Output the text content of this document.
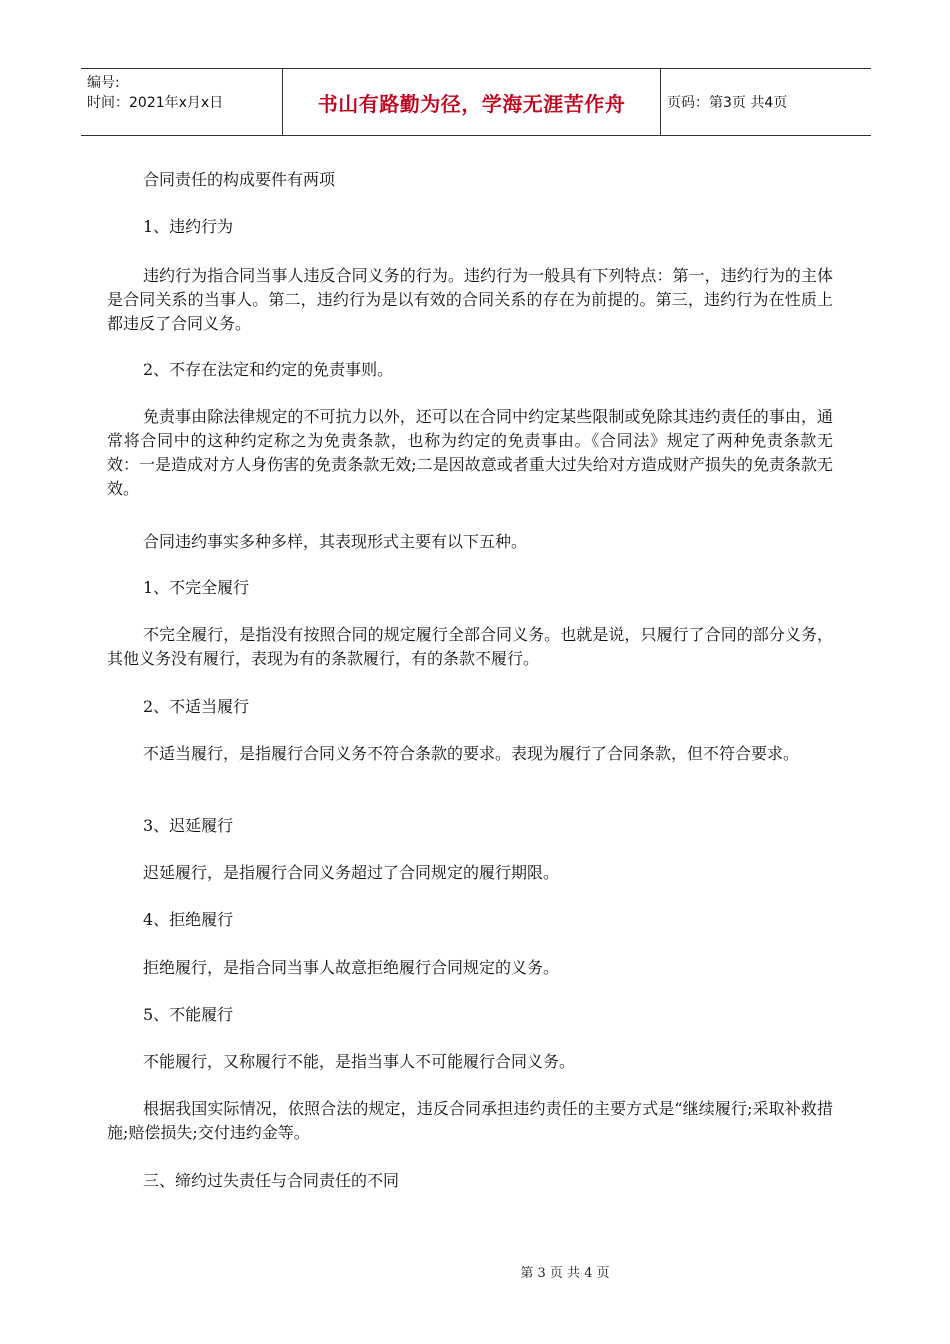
编号:
时间：2021年x月x日	书山有路勤为径，学海无涯苦作舟	页码：第3页 共4页

合同责任的构成要件有两项

1、违约行为

违约行为指合同当事人违反合同义务的行为。违约行为一般具有下列特点：第一，违约行为的主体是合同关系的当事人。第二，违约行为是以有效的合同关系的存在为前提的。第三，违约行为在性质上都违反了合同义务。

2、不存在法定和约定的免责事则。

免责事由除法律规定的不可抗力以外，还可以在合同中约定某些限制或免除其违约责任的事由，通常将合同中的这种约定称之为免责条款，也称为约定的免责事由。《合同法》规定了两种免责条款无效：一是造成对方人身伤害的免责条款无效;二是因故意或者重大过失给对方造成财产损失的免责条款无效。

合同违约事实多种多样，其表现形式主要有以下五种。

1、不完全履行

不完全履行，是指没有按照合同的规定履行全部合同义务。也就是说，只履行了合同的部分义务，其他义务没有履行，表现为有的条款履行，有的条款不履行。

2、不适当履行

不适当履行，是指履行合同义务不符合条款的要求。表现为履行了合同条款，但不符合要求。

3、迟延履行

迟延履行，是指履行合同义务超过了合同规定的履行期限。

4、拒绝履行

拒绝履行，是指合同当事人故意拒绝履行合同规定的义务。

5、不能履行

不能履行，又称履行不能，是指当事人不可能履行合同义务。

根据我国实际情况，依照合法的规定，违反合同承担违约责任的主要方式是“继续履行;采取补救措施;赔偿损失;交付违约金等。

三、缔约过失责任与合同责任的不同

第 3 页 共 4 页
